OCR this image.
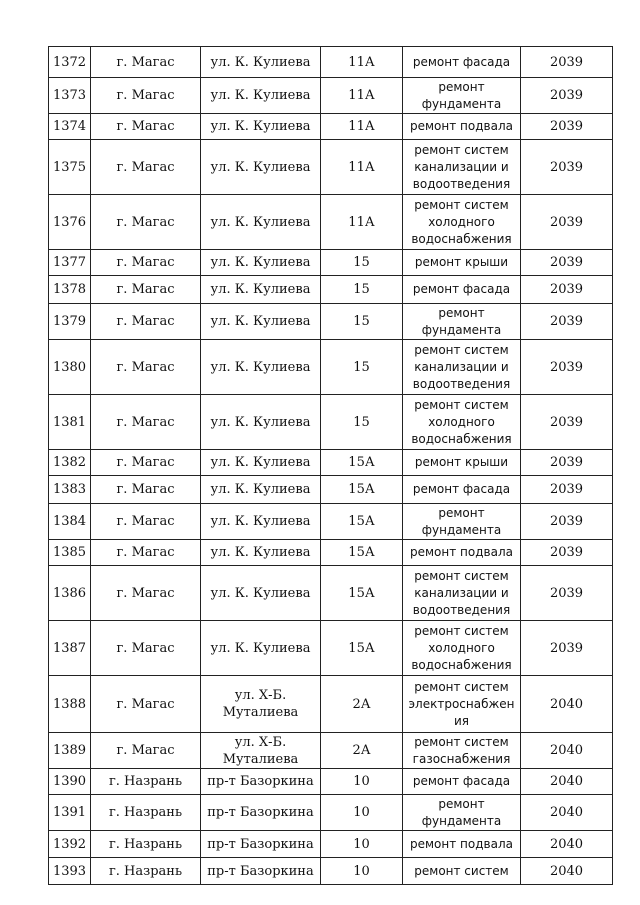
1372	г. Магас	ул. К. Кулиева	11А	ремонт фасада	2039
1373	г. Магас	ул. К. Кулиева	11А	ремонт фундамента	2039
1374	г. Магас	ул. К. Кулиева	11А	ремонт подвала	2039
1375	г. Магас	ул. К. Кулиева	11А	ремонт систем канализации и водоотведения	2039
1376	г. Магас	ул. К. Кулиева	11А	ремонт систем холодного водоснабжения	2039
1377	г. Магас	ул. К. Кулиева	15	ремонт крыши	2039
1378	г. Магас	ул. К. Кулиева	15	ремонт фасада	2039
1379	г. Магас	ул. К. Кулиева	15	ремонт фундамента	2039
1380	г. Магас	ул. К. Кулиева	15	ремонт систем канализации и водоотведения	2039
1381	г. Магас	ул. К. Кулиева	15	ремонт систем холодного водоснабжения	2039
1382	г. Магас	ул. К. Кулиева	15А	ремонт крыши	2039
1383	г. Магас	ул. К. Кулиева	15А	ремонт фасада	2039
1384	г. Магас	ул. К. Кулиева	15А	ремонт фундамента	2039
1385	г. Магас	ул. К. Кулиева	15А	ремонт подвала	2039
1386	г. Магас	ул. К. Кулиева	15А	ремонт систем канализации и водоотведения	2039
1387	г. Магас	ул. К. Кулиева	15А	ремонт систем холодного водоснабжения	2039
1388	г. Магас	ул. Х-Б. Муталиева	2А	ремонт систем электроснабжен ия	2040
1389	г. Магас	ул. Х-Б. Муталиева	2А	ремонт систем газоснабжения	2040
1390	г. Назрань	пр-т Базоркина	10	ремонт фасада	2040
1391	г. Назрань	пр-т Базоркина	10	ремонт фундамента	2040
1392	г. Назрань	пр-т Базоркина	10	ремонт подвала	2040
1393	г. Назрань	пр-т Базоркина	10	ремонт систем	2040
